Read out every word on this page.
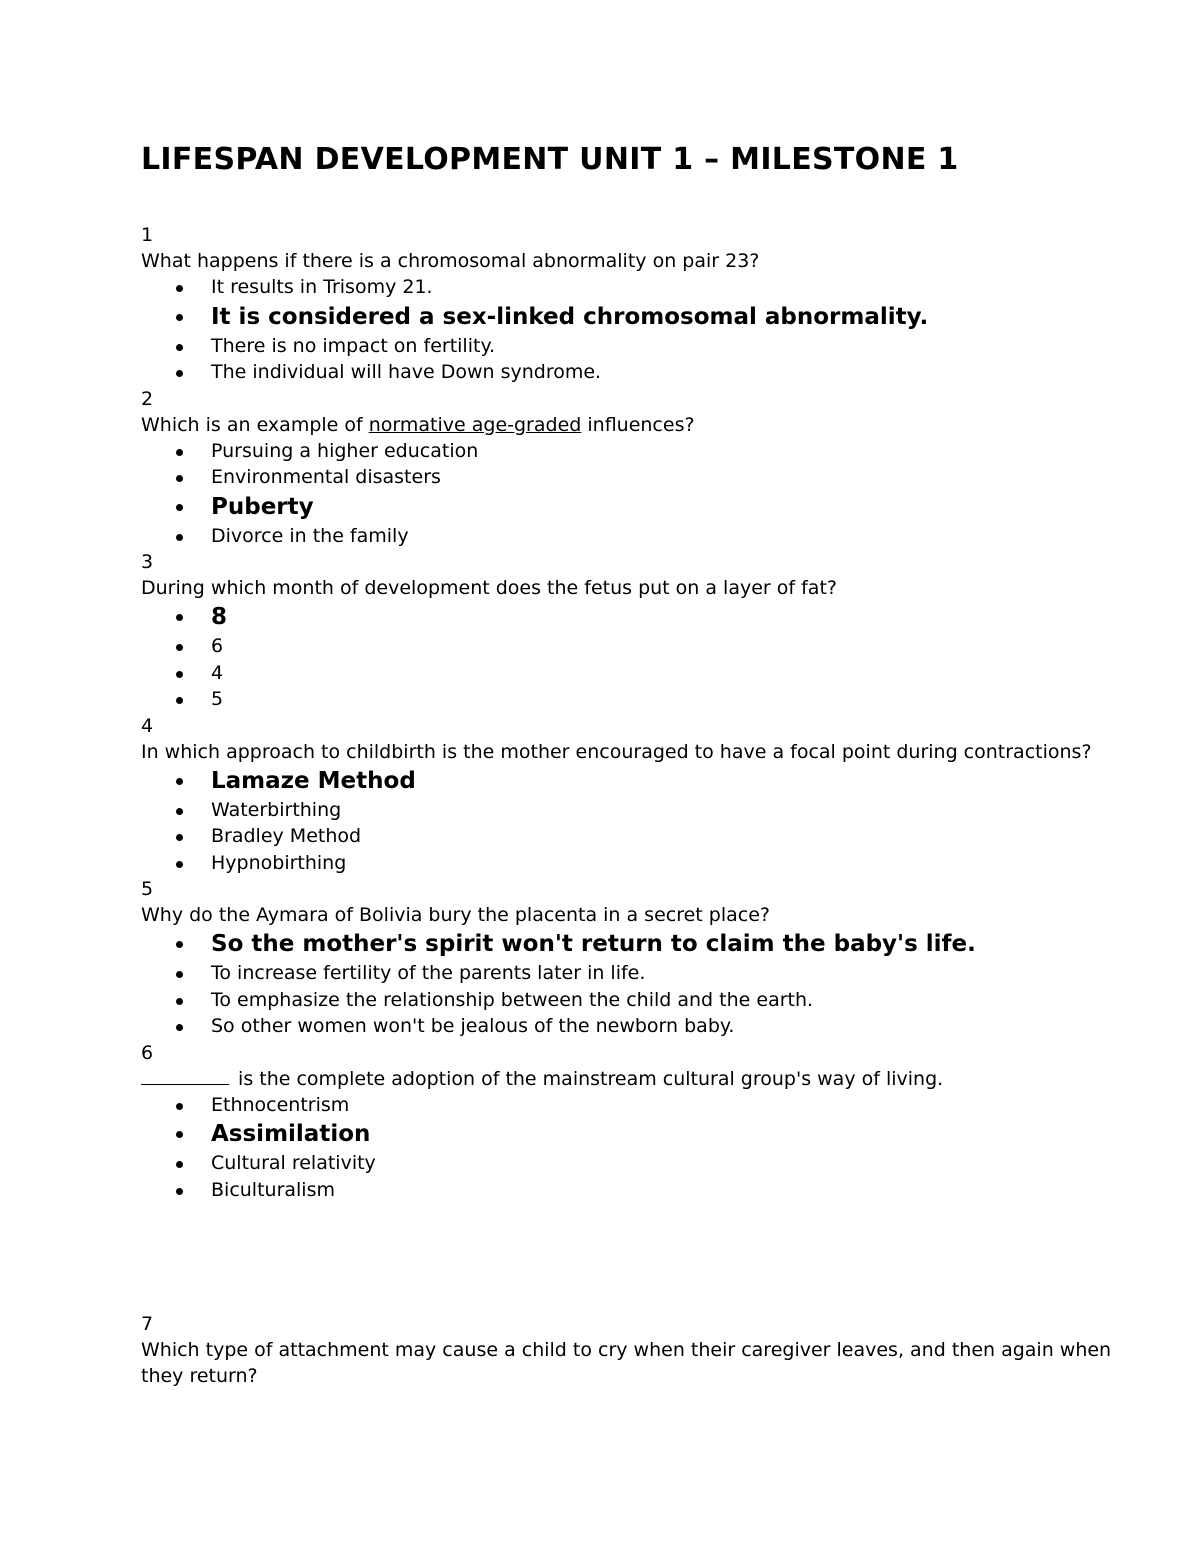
LIFESPAN DEVELOPMENT UNIT 1 – MILESTONE 1

1

What happens if there is a chromosomal abnormality on pair 23?

It results in Trisomy 21.
It is considered a sex-linked chromosomal abnormality.
There is no impact on fertility.
The individual will have Down syndrome.

2

Which is an example of normative age-graded influences?

Pursuing a higher education
Environmental disasters
Puberty
Divorce in the family

3

During which month of development does the fetus put on a layer of fat?

8
6
4
5

4

In which approach to childbirth is the mother encouraged to have a focal point during contractions?

Lamaze Method
Waterbirthing
Bradley Method
Hypnobirthing

5

Why do the Aymara of Bolivia bury the placenta in a secret place?

So the mother's spirit won't return to claim the baby's life.
To increase fertility of the parents later in life.
To emphasize the relationship between the child and the earth.
So other women won't be jealous of the newborn baby.

6

is the complete adoption of the mainstream cultural group's way of living.

Ethnocentrism
Assimilation
Cultural relativity
Biculturalism

7

Which type of attachment may cause a child to cry when their caregiver leaves, and then again when they return?
